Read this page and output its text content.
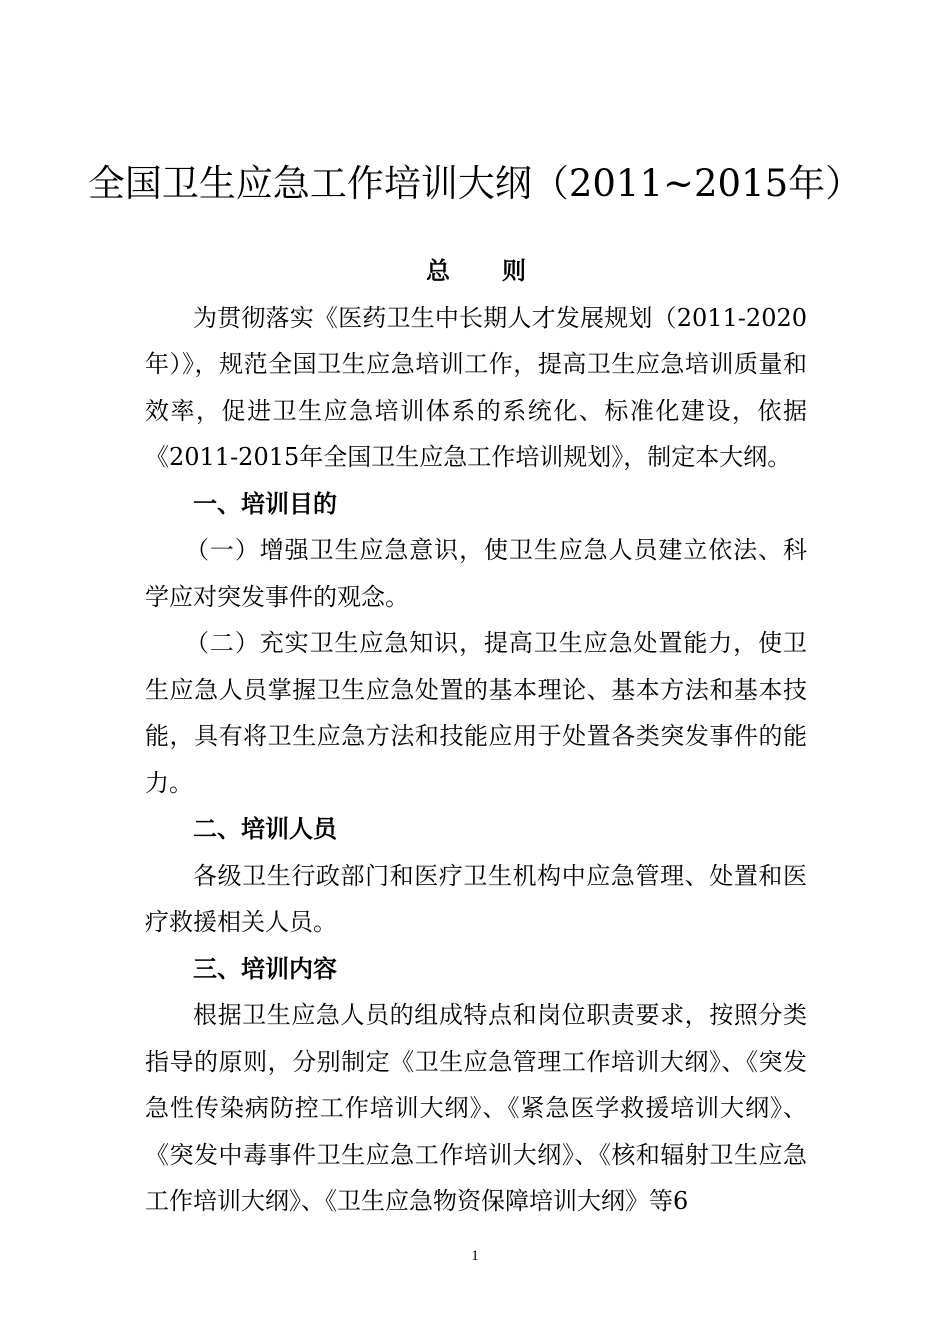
全国卫生应急工作培训大纲（2011~2015年）
总则

为贯彻落实《医药卫生中长期人才发展规划（2011-2020年）》，规范全国卫生应急培训工作，提高卫生应急培训质量和效率，促进卫生应急培训体系的系统化、标准化建设，依据《2011-2015年全国卫生应急工作培训规划》，制定本大纲。

一、培训目的

（一）增强卫生应急意识，使卫生应急人员建立依法、科学应对突发事件的观念。

（二）充实卫生应急知识，提高卫生应急处置能力，使卫生应急人员掌握卫生应急处置的基本理论、基本方法和基本技能，具有将卫生应急方法和技能应用于处置各类突发事件的能力。

二、培训人员

各级卫生行政部门和医疗卫生机构中应急管理、处置和医疗救援相关人员。

三、培训内容

根据卫生应急人员的组成特点和岗位职责要求，按照分类指导的原则，分别制定《卫生应急管理工作培训大纲》、《突发急性传染病防控工作培训大纲》、《紧急医学救援培训大纲》、《突发中毒事件卫生应急工作培训大纲》、《核和辐射卫生应急工作培训大纲》、《卫生应急物资保障培训大纲》等6

1
